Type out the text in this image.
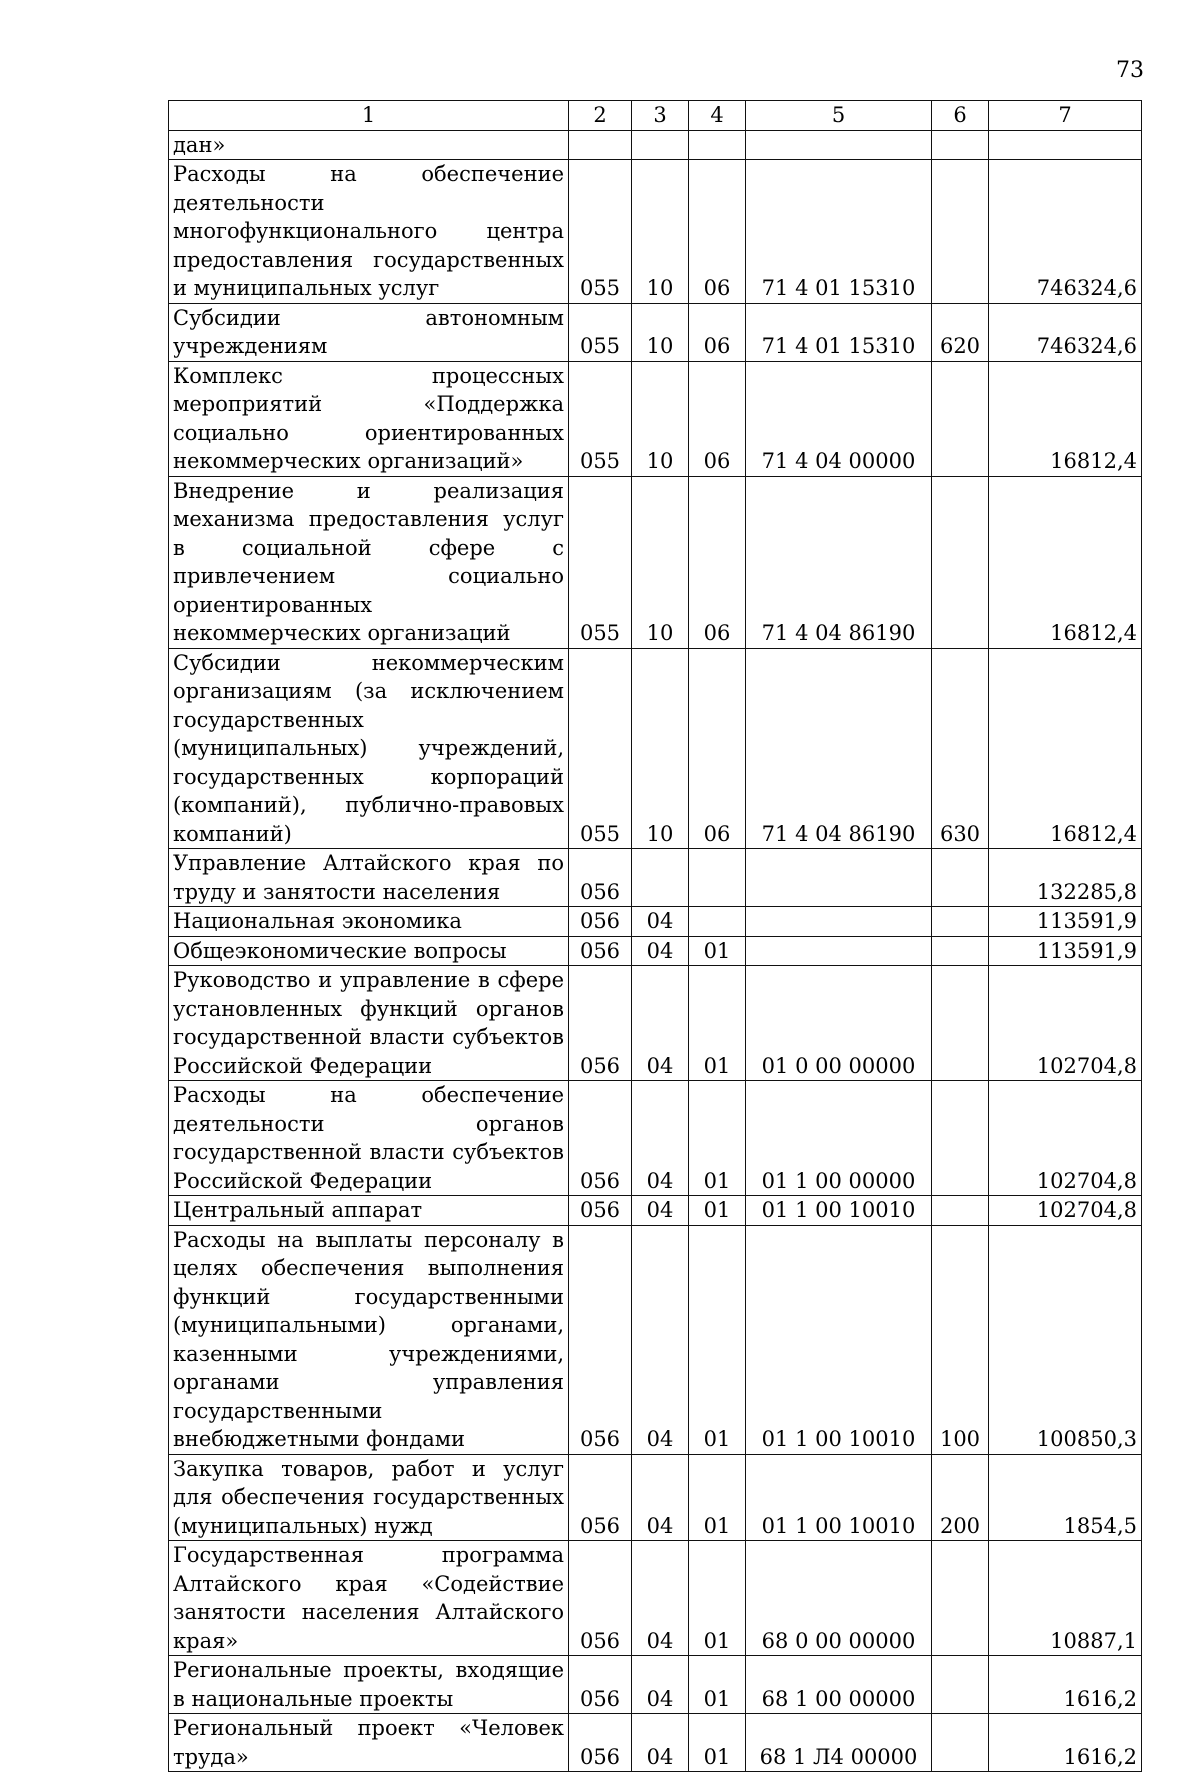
73
1	2	3	4	5	6	7
дан»						
Расходы на обеспечение деятельности многофункционального центра предоставления государственных и муниципальных услуг	055	10	06	71 4 01 15310		746324,6
Субсидии автономным учреждениям	055	10	06	71 4 01 15310	620	746324,6
Комплекс процессных мероприятий «Поддержка социально ориентированных некоммерческих организаций»	055	10	06	71 4 04 00000		16812,4
Внедрение и реализация механизма предоставления услуг в социальной сфере с привлечением социально ориентированных некоммерческих организаций	055	10	06	71 4 04 86190		16812,4
Субсидии некоммерческим организациям (за исключением государственных (муниципальных) учреждений, государственных корпораций (компаний), публично-правовых компаний)	055	10	06	71 4 04 86190	630	16812,4
Управление Алтайского края по труду и занятости населения	056					132285,8
Национальная экономика	056	04				113591,9
Общеэкономические вопросы	056	04	01			113591,9
Руководство и управление в сфере установленных функций органов государственной власти субъектов Российской Федерации	056	04	01	01 0 00 00000		102704,8
Расходы на обеспечение деятельности органов государственной власти субъектов Российской Федерации	056	04	01	01 1 00 00000		102704,8
Центральный аппарат	056	04	01	01 1 00 10010		102704,8
Расходы на выплаты персоналу в целях обеспечения выполнения функций государственными (муниципальными) органами, казенными учреждениями, органами управления государственными внебюджетными фондами	056	04	01	01 1 00 10010	100	100850,3
Закупка товаров, работ и услуг для обеспечения государственных (муниципальных) нужд	056	04	01	01 1 00 10010	200	1854,5
Государственная программа Алтайского края «Содействие занятости населения Алтайского края»	056	04	01	68 0 00 00000		10887,1
Региональные проекты, входящие в национальные проекты	056	04	01	68 1 00 00000		1616,2
Региональный проект «Человек труда»	056	04	01	68 1 Л4 00000		1616,2
